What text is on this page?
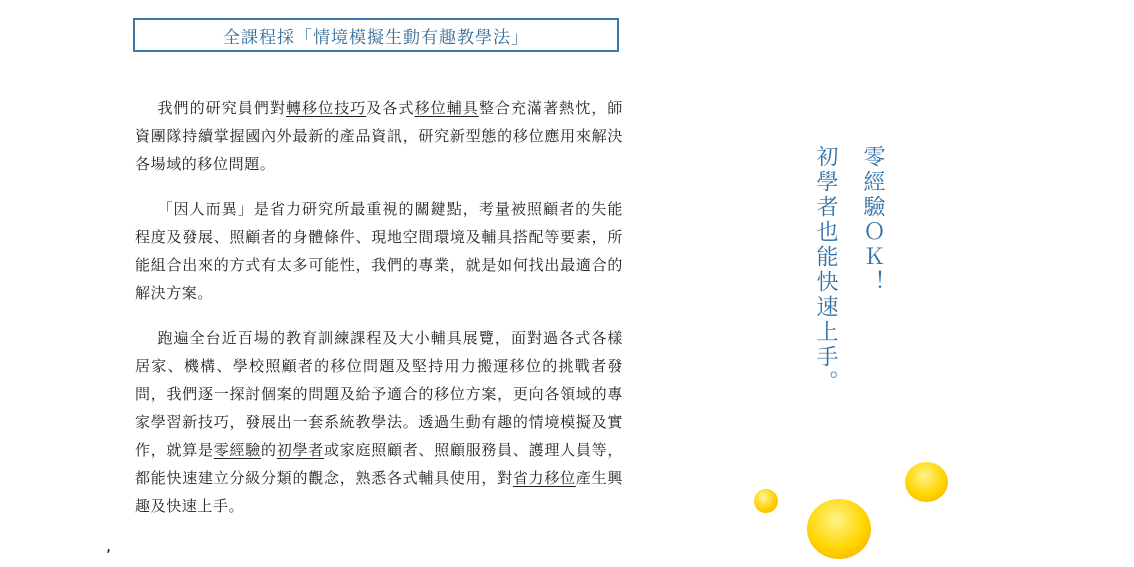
全課程採「情境模擬生動有趣教學法」

我們的研究員們對轉移位技巧及各式移位輔具整合充滿著熱忱，師資團隊持續掌握國內外最新的產品資訊，研究新型態的移位應用來解決各場域的移位問題。

「因人而異」是省力研究所最重視的關鍵點，考量被照顧者的失能程度及發展、照顧者的身體條件、現地空間環境及輔具搭配等要素，所能組合出來的方式有太多可能性，我們的專業，就是如何找出最適合的解決方案。

跑遍全台近百場的教育訓練課程及大小輔具展覽，面對過各式各樣居家、機構、學校照顧者的移位問題及堅持用力搬運移位的挑戰者發問，我們逐一探討個案的問題及給予適合的移位方案，更向各領域的專家學習新技巧，發展出一套系統教學法。透過生動有趣的情境模擬及實作，就算是零經驗的初學者或家庭照顧者、照顧服務員、護理人員等，都能快速建立分級分類的觀念，熟悉各式輔具使用，對省力移位產生興趣及快速上手。

,
零經驗ＯＫ！
初學者也能快速上手。
